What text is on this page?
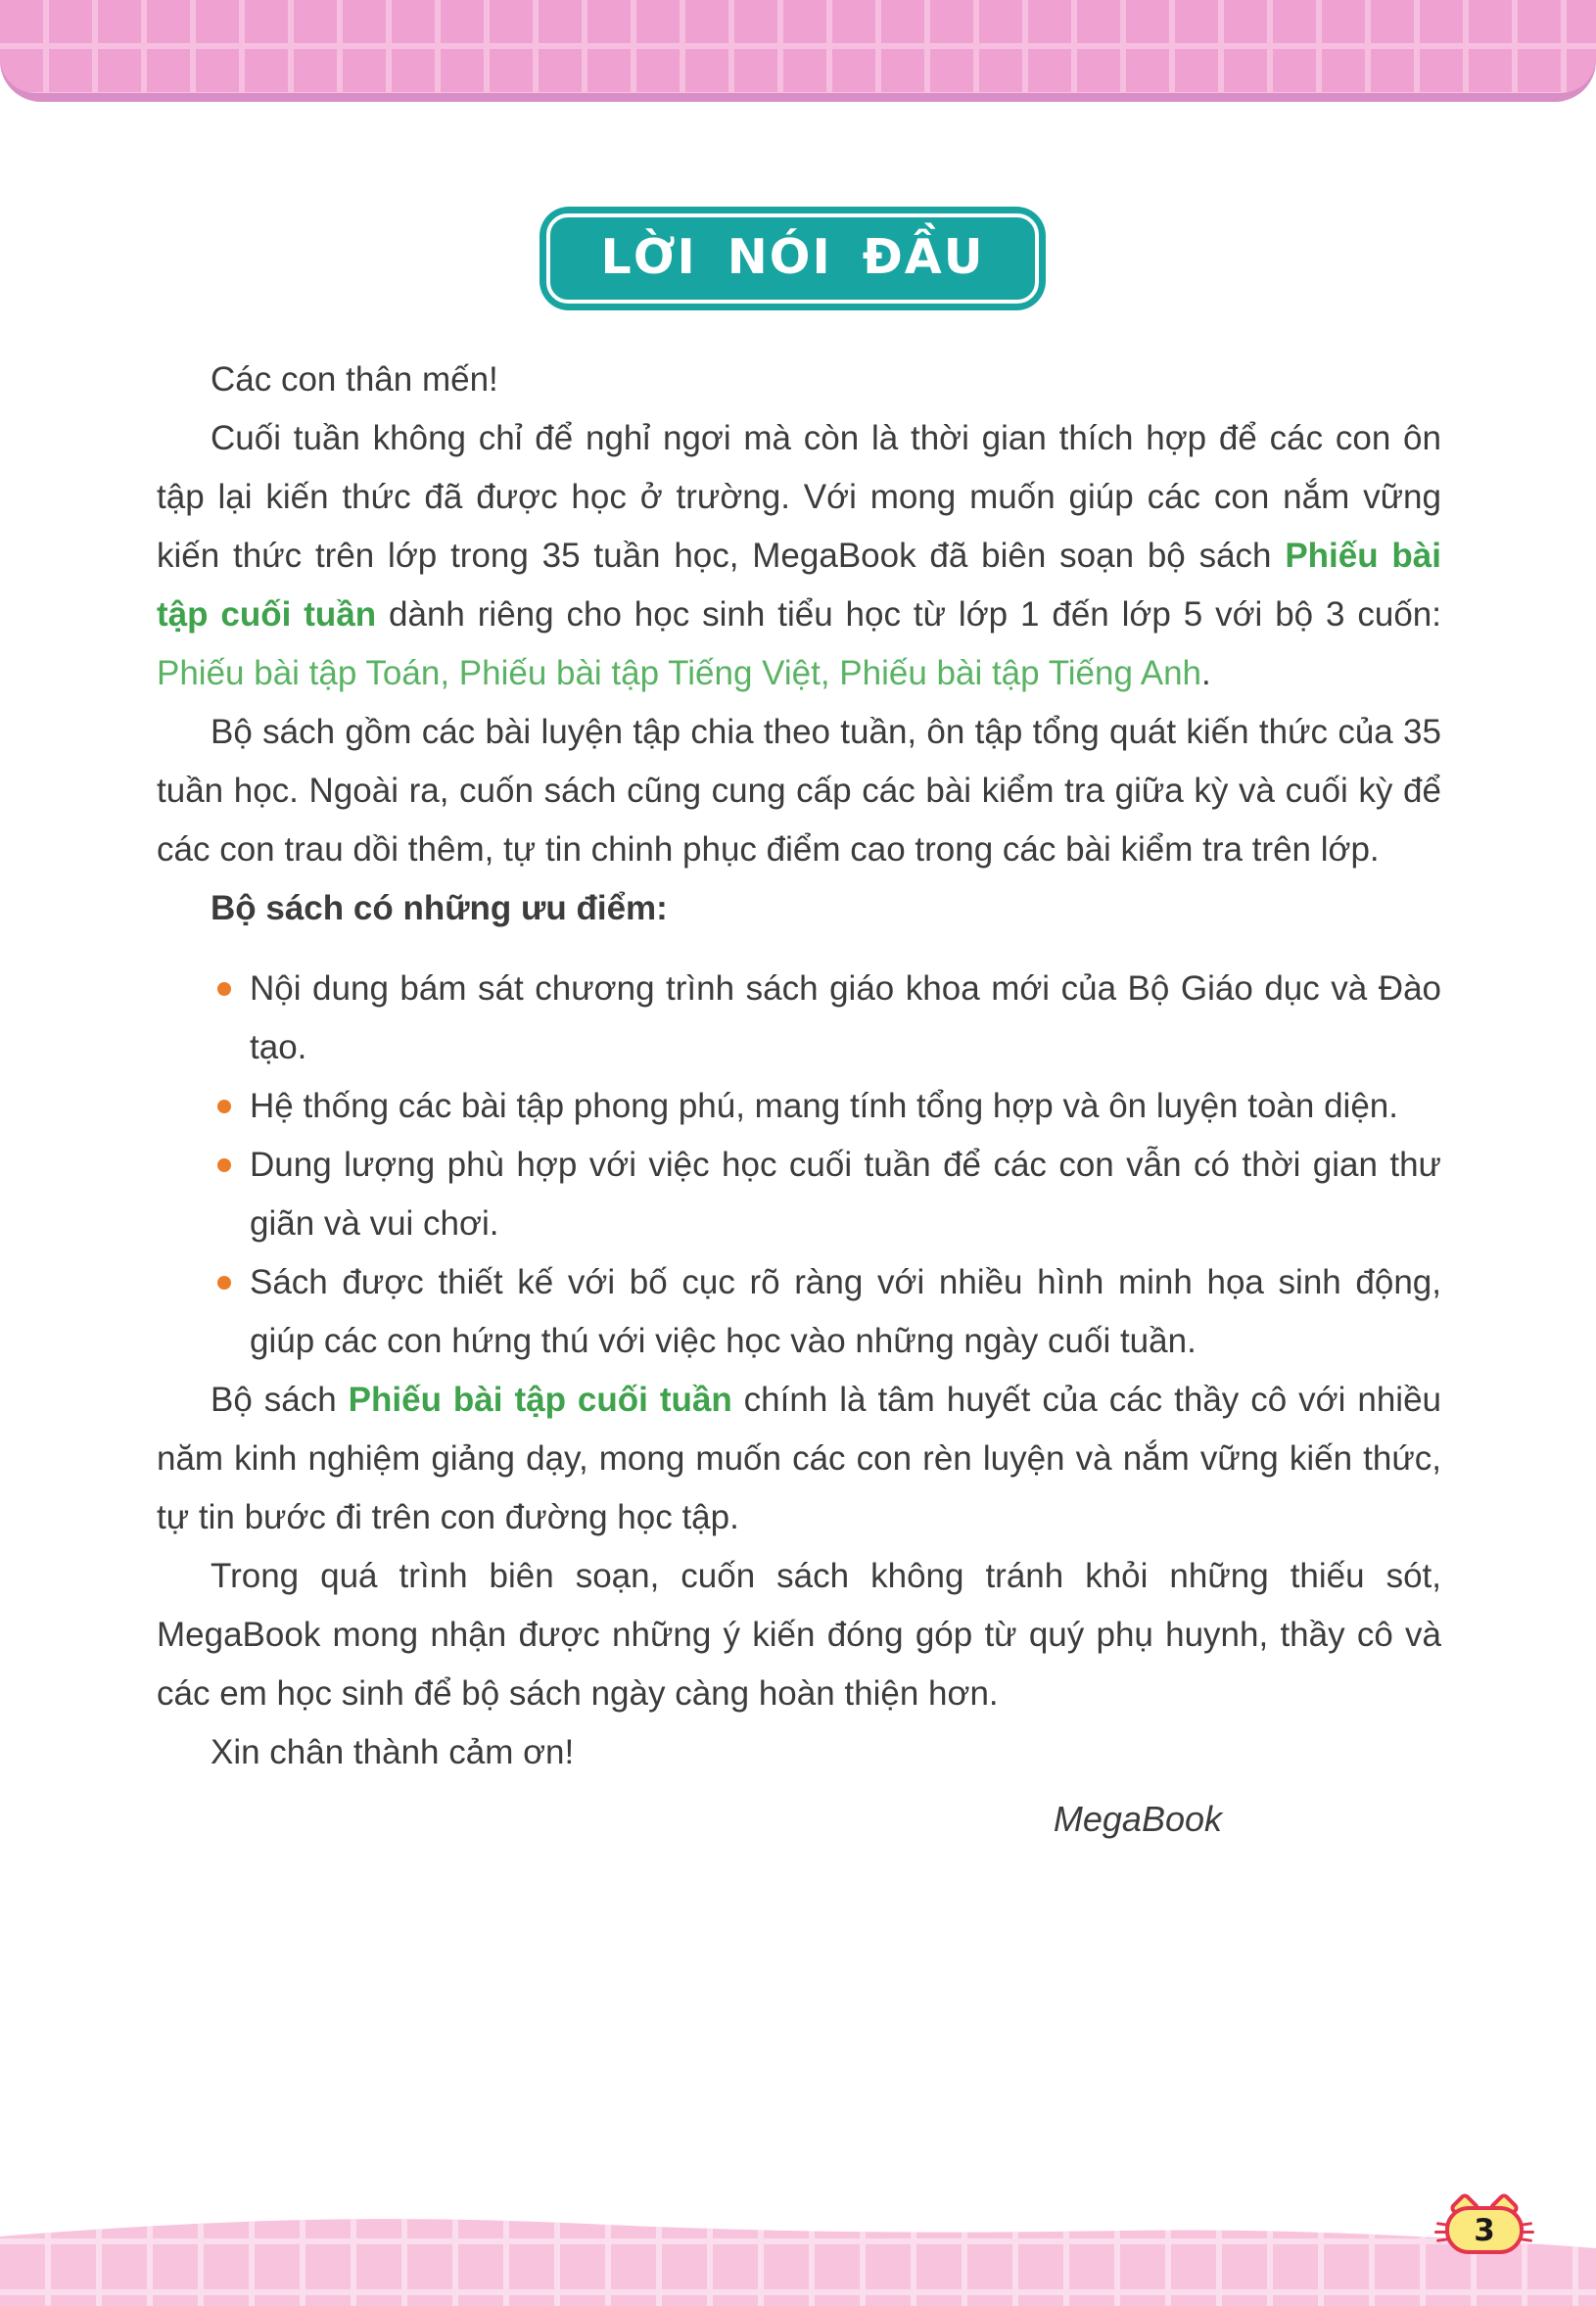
LỜI NÓI ĐẦU

Các con thân mến!

Cuối tuần không chỉ để nghỉ ngơi mà còn là thời gian thích hợp để các con ôn tập lại kiến thức đã được học ở trường. Với mong muốn giúp các con nắm vững kiến thức trên lớp trong 35 tuần học, MegaBook đã biên soạn bộ sách Phiếu bài tập cuối tuần dành riêng cho học sinh tiểu học từ lớp 1 đến lớp 5 với bộ 3 cuốn: Phiếu bài tập Toán, Phiếu bài tập Tiếng Việt, Phiếu bài tập Tiếng Anh.

Bộ sách gồm các bài luyện tập chia theo tuần, ôn tập tổng quát kiến thức của 35 tuần học. Ngoài ra, cuốn sách cũng cung cấp các bài kiểm tra giữa kỳ và cuối kỳ để các con trau dồi thêm, tự tin chinh phục điểm cao trong các bài kiểm tra trên lớp.

Bộ sách có những ưu điểm:

Nội dung bám sát chương trình sách giáo khoa mới của Bộ Giáo dục và Đào tạo.
Hệ thống các bài tập phong phú, mang tính tổng hợp và ôn luyện toàn diện.
Dung lượng phù hợp với việc học cuối tuần để các con vẫn có thời gian thư giãn và vui chơi.
Sách được thiết kế với bố cục rõ ràng với nhiều hình minh họa sinh động, giúp các con hứng thú với việc học vào những ngày cuối tuần.

Bộ sách Phiếu bài tập cuối tuần chính là tâm huyết của các thầy cô với nhiều năm kinh nghiệm giảng dạy, mong muốn các con rèn luyện và nắm vững kiến thức, tự tin bước đi trên con đường học tập.

Trong quá trình biên soạn, cuốn sách không tránh khỏi những thiếu sót, MegaBook mong nhận được những ý kiến đóng góp từ quý phụ huynh, thầy cô và các em học sinh để bộ sách ngày càng hoàn thiện hơn.

Xin chân thành cảm ơn!

MegaBook
3
